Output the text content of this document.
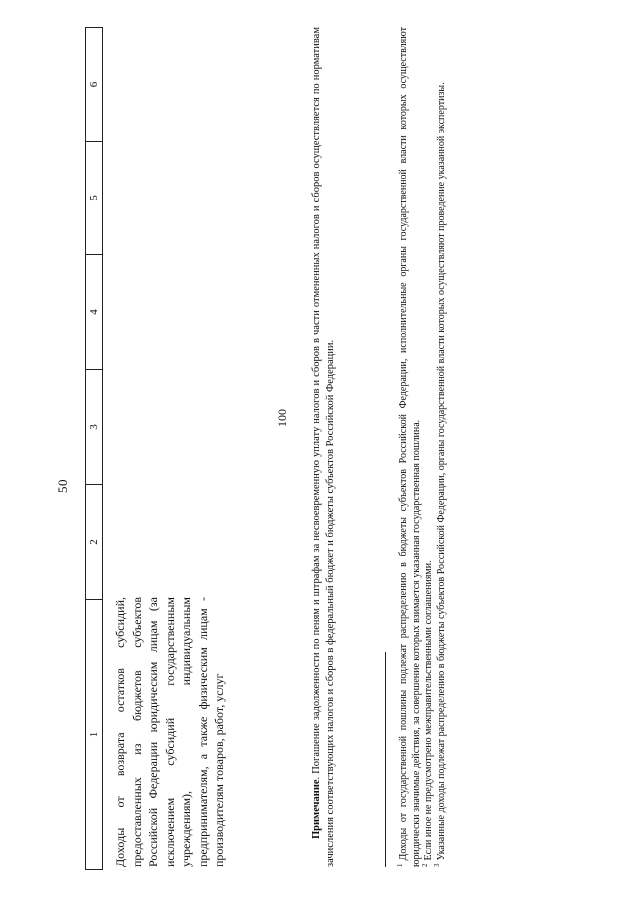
50
1
2
3
4
5
6
Доходы от возврата остатков субсидий, предоставленных из бюджетов субъектов Российской Федерации юридическим лицам (за исключением субсидий государственным учреждениям), индивидуальным предпринимателям, а также физическим лицам - производителям товаров, работ, услуг
100
Примечание. Погашение задолженности по пеням и штрафам за несвоевременную уплату налогов и сборов в части отмененных налогов и сборов осуществляется по нормативам зачисления соответствующих налогов и сборов в федеральный бюджет и бюджеты субъектов Российской Федерации.	$^1$Доходы от государственной пошлины подлежат распределению в бюджеты субъектов Российской Федерации, исполнительные органы государственной власти которых осуществляют юридически значимые действия, за совершение которых взимается указанная государственная пошлина. $^2$Если иное не предусмотрено межправительственными соглашениями.
$^3$Указанные доходы подлежат распределению в бюджеты субъектов Российской Федерации, органы государственной власти которых осуществляют проведение указанной экспертизы.
